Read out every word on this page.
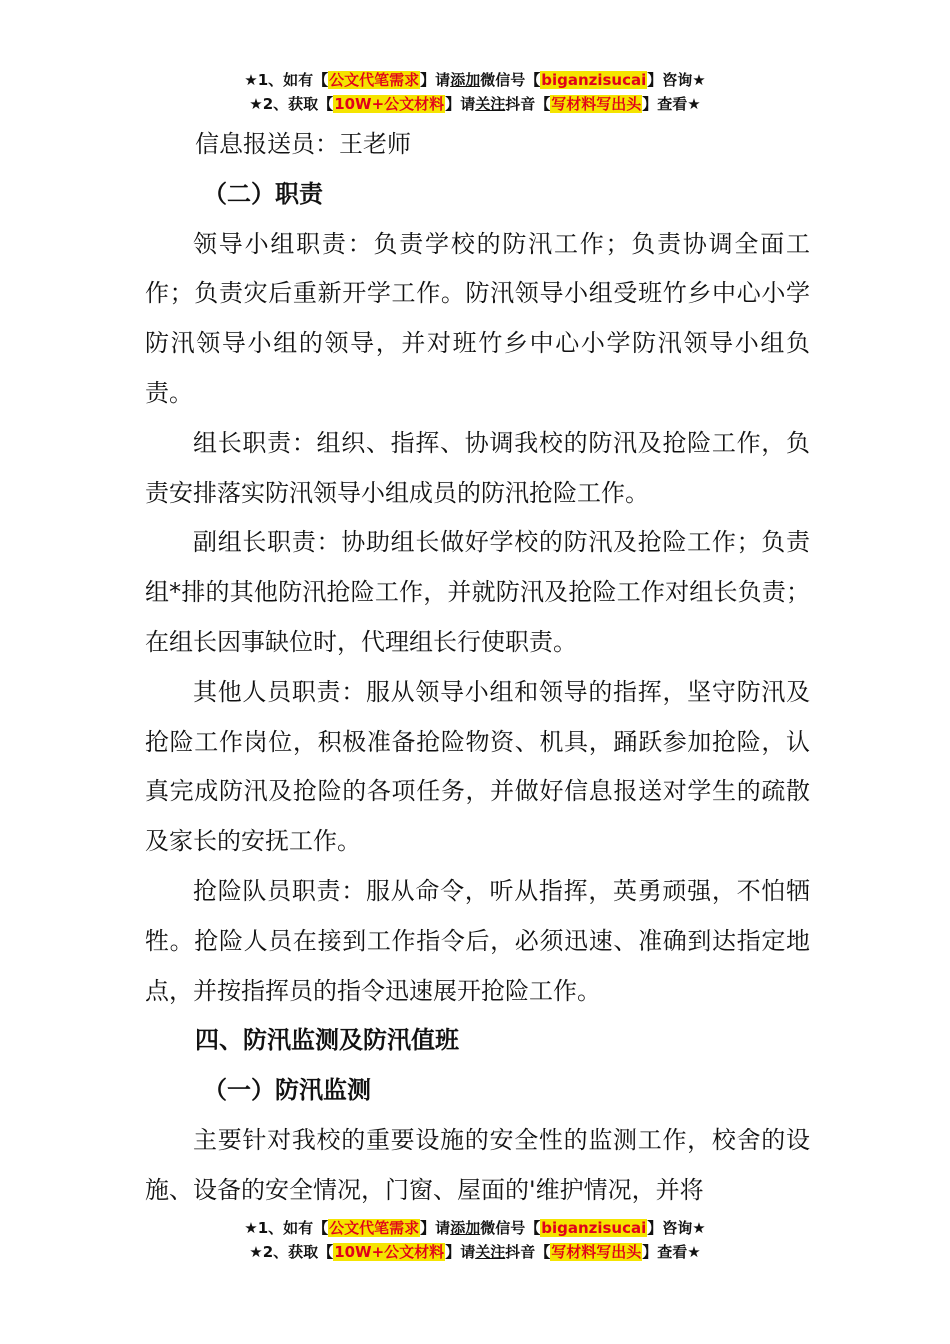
★1、如有【公文代笔需求】请添加微信号【biganzisucai】咨询★
★2、获取【10W+公文材料】请关注抖音【写材料写出头】查看★

信息报送员：王老师

（二）职责

领导小组职责：负责学校的防汛工作；负责协调全面工作；负责灾后重新开学工作。防汛领导小组受班竹乡中心小学防汛领导小组的领导，并对班竹乡中心小学防汛领导小组负责。

组长职责：组织、指挥、协调我校的防汛及抢险工作，负责安排落实防汛领导小组成员的防汛抢险工作。

副组长职责：协助组长做好学校的防汛及抢险工作；负责组*排的其他防汛抢险工作，并就防汛及抢险工作对组长负责；在组长因事缺位时，代理组长行使职责。

其他人员职责：服从领导小组和领导的指挥，坚守防汛及抢险工作岗位，积极准备抢险物资、机具，踊跃参加抢险，认真完成防汛及抢险的各项任务，并做好信息报送对学生的疏散及家长的安抚工作。

抢险队员职责：服从命令，听从指挥，英勇顽强，不怕牺牲。抢险人员在接到工作指令后，必须迅速、准确到达指定地点，并按指挥员的指令迅速展开抢险工作。

四、防汛监测及防汛值班

（一）防汛监测

主要针对我校的重要设施的安全性的监测工作，校舍的设施、设备的安全情况，门窗、屋面的'维护情况，并将

★1、如有【公文代笔需求】请添加微信号【biganzisucai】咨询★
★2、获取【10W+公文材料】请关注抖音【写材料写出头】查看★
